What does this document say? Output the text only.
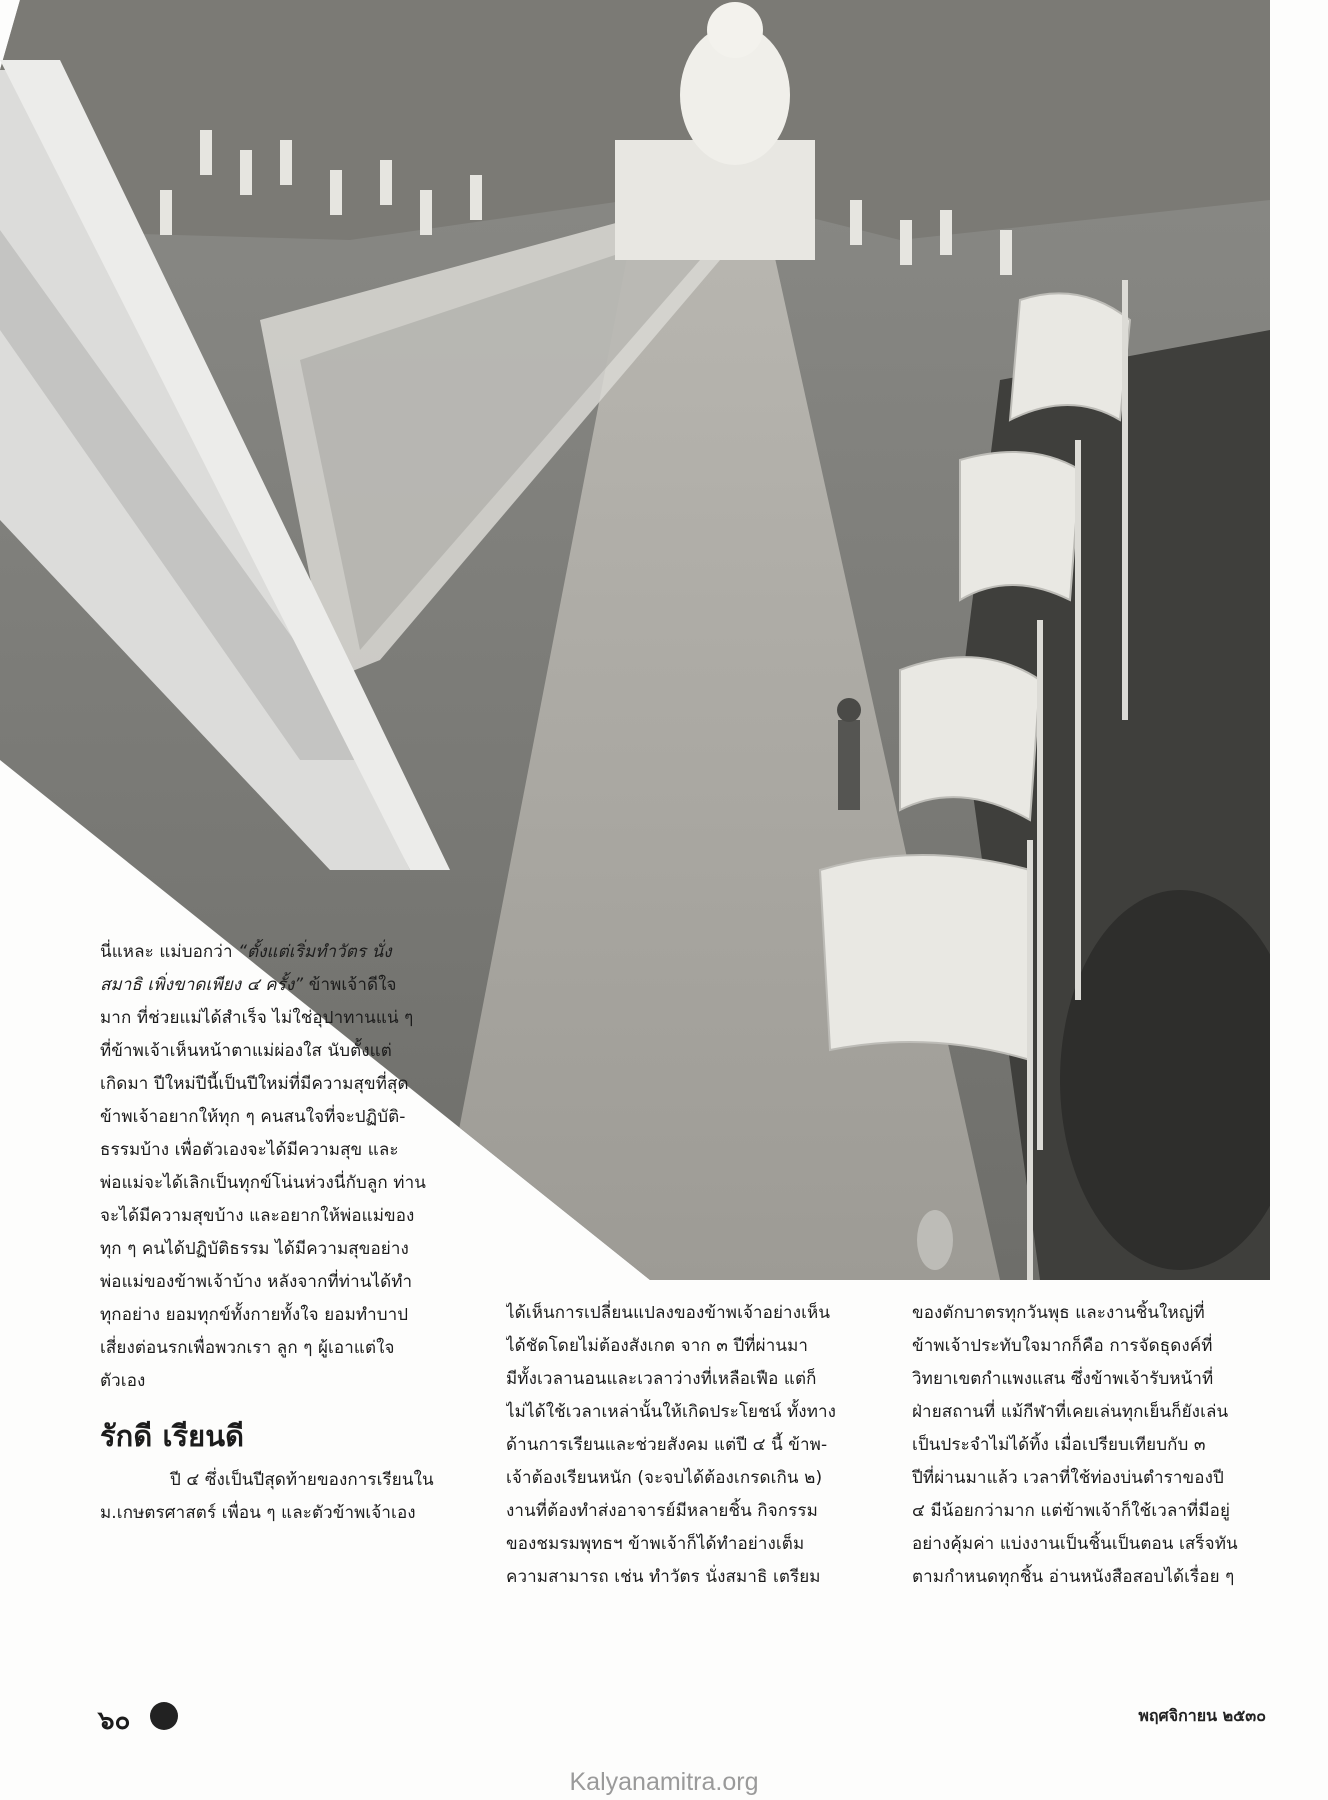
นี่แหละ แม่บอกว่า “ตั้งแต่เริ่มทำวัตร นั่ง
สมาธิ เพิ่งขาดเพียง ๔ ครั้ง” ข้าพเจ้าดีใจ
มาก ที่ช่วยแม่ได้สำเร็จ ไม่ใช่อุปาทานแน่ ๆ
ที่ข้าพเจ้าเห็นหน้าตาแม่ผ่องใส นับตั้งแต่
เกิดมา ปีใหม่ปีนี้เป็นปีใหม่ที่มีความสุขที่สุด
ข้าพเจ้าอยากให้ทุก ๆ คนสนใจที่จะปฏิบัติ-
ธรรมบ้าง เพื่อตัวเองจะได้มีความสุข และ
พ่อแม่จะได้เลิกเป็นทุกข์โน่นห่วงนี่กับลูก ท่าน
จะได้มีความสุขบ้าง และอยากให้พ่อแม่ของ
ทุก ๆ คนได้ปฏิบัติธรรม ได้มีความสุขอย่าง
พ่อแม่ของข้าพเจ้าบ้าง หลังจากที่ท่านได้ทำ
ทุกอย่าง ยอมทุกข์ทั้งกายทั้งใจ ยอมทำบาป
เสี่ยงต่อนรกเพื่อพวกเรา ลูก ๆ ผู้เอาแต่ใจ
ตัวเอง
รักดี เรียนดี
ปี ๔ ซึ่งเป็นปีสุดท้ายของการเรียนใน
ม.เกษตรศาสตร์ เพื่อน ๆ และตัวข้าพเจ้าเอง
ได้เห็นการเปลี่ยนแปลงของข้าพเจ้าอย่างเห็น
ได้ชัดโดยไม่ต้องสังเกต จาก ๓ ปีที่ผ่านมา
มีทั้งเวลานอนและเวลาว่างที่เหลือเฟือ แต่ก็
ไม่ได้ใช้เวลาเหล่านั้นให้เกิดประโยชน์ ทั้งทาง
ด้านการเรียนและช่วยสังคม แต่ปี ๔ นี้ ข้าพ-
เจ้าต้องเรียนหนัก (จะจบได้ต้องเกรดเกิน ๒)
งานที่ต้องทำส่งอาจารย์มีหลายชิ้น กิจกรรม
ของชมรมพุทธฯ ข้าพเจ้าก็ได้ทำอย่างเต็ม
ความสามารถ เช่น ทำวัตร นั่งสมาธิ เตรียม
ของตักบาตรทุกวันพุธ และงานชิ้นใหญ่ที่
ข้าพเจ้าประทับใจมากก็คือ การจัดธุดงค์ที่
วิทยาเขตกำแพงแสน ซึ่งข้าพเจ้ารับหน้าที่
ฝ่ายสถานที่ แม้กีฬาที่เคยเล่นทุกเย็นก็ยังเล่น
เป็นประจำไม่ได้ทิ้ง เมื่อเปรียบเทียบกับ ๓
ปีที่ผ่านมาแล้ว เวลาที่ใช้ท่องบ่นตำราของปี
๔ มีน้อยกว่ามาก แต่ข้าพเจ้าก็ใช้เวลาที่มีอยู่
อย่างคุ้มค่า แบ่งงานเป็นชิ้นเป็นตอน เสร็จทัน
ตามกำหนดทุกชิ้น อ่านหนังสือสอบได้เรื่อย ๆ
๖๐	พฤศจิกายน ๒๕๓๐
Kalyanamitra.org
